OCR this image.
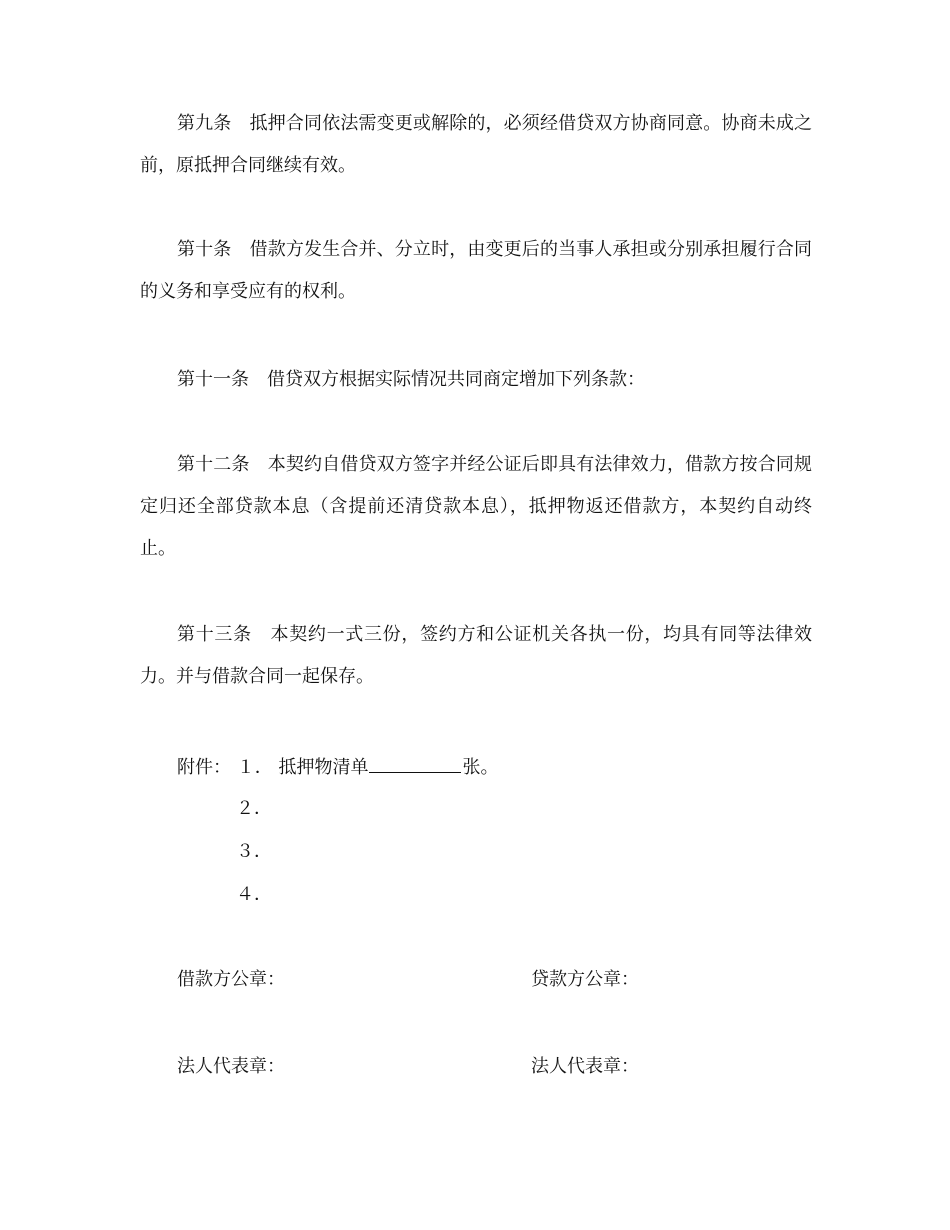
第九条 抵押合同依法需变更或解除的，必须经借贷双方协商同意。协商未成之前，原抵押合同继续有效。

第十条 借款方发生合并、分立时，由变更后的当事人承担或分别承担履行合同的义务和享受应有的权利。

第十一条 借贷双方根据实际情况共同商定增加下列条款：

第十二条 本契约自借贷双方签字并经公证后即具有法律效力，借款方按合同规定归还全部贷款本息（含提前还清贷款本息），抵押物返还借款方，本契约自动终止。

第十三条 本契约一式三份，签约方和公证机关各执一份，均具有同等法律效力。并与借款合同一起保存。

附件： １． 抵押物清单	张。
２．
３．
４．
借款方公章：	贷款方公章：
法人代表章：	法人代表章：
